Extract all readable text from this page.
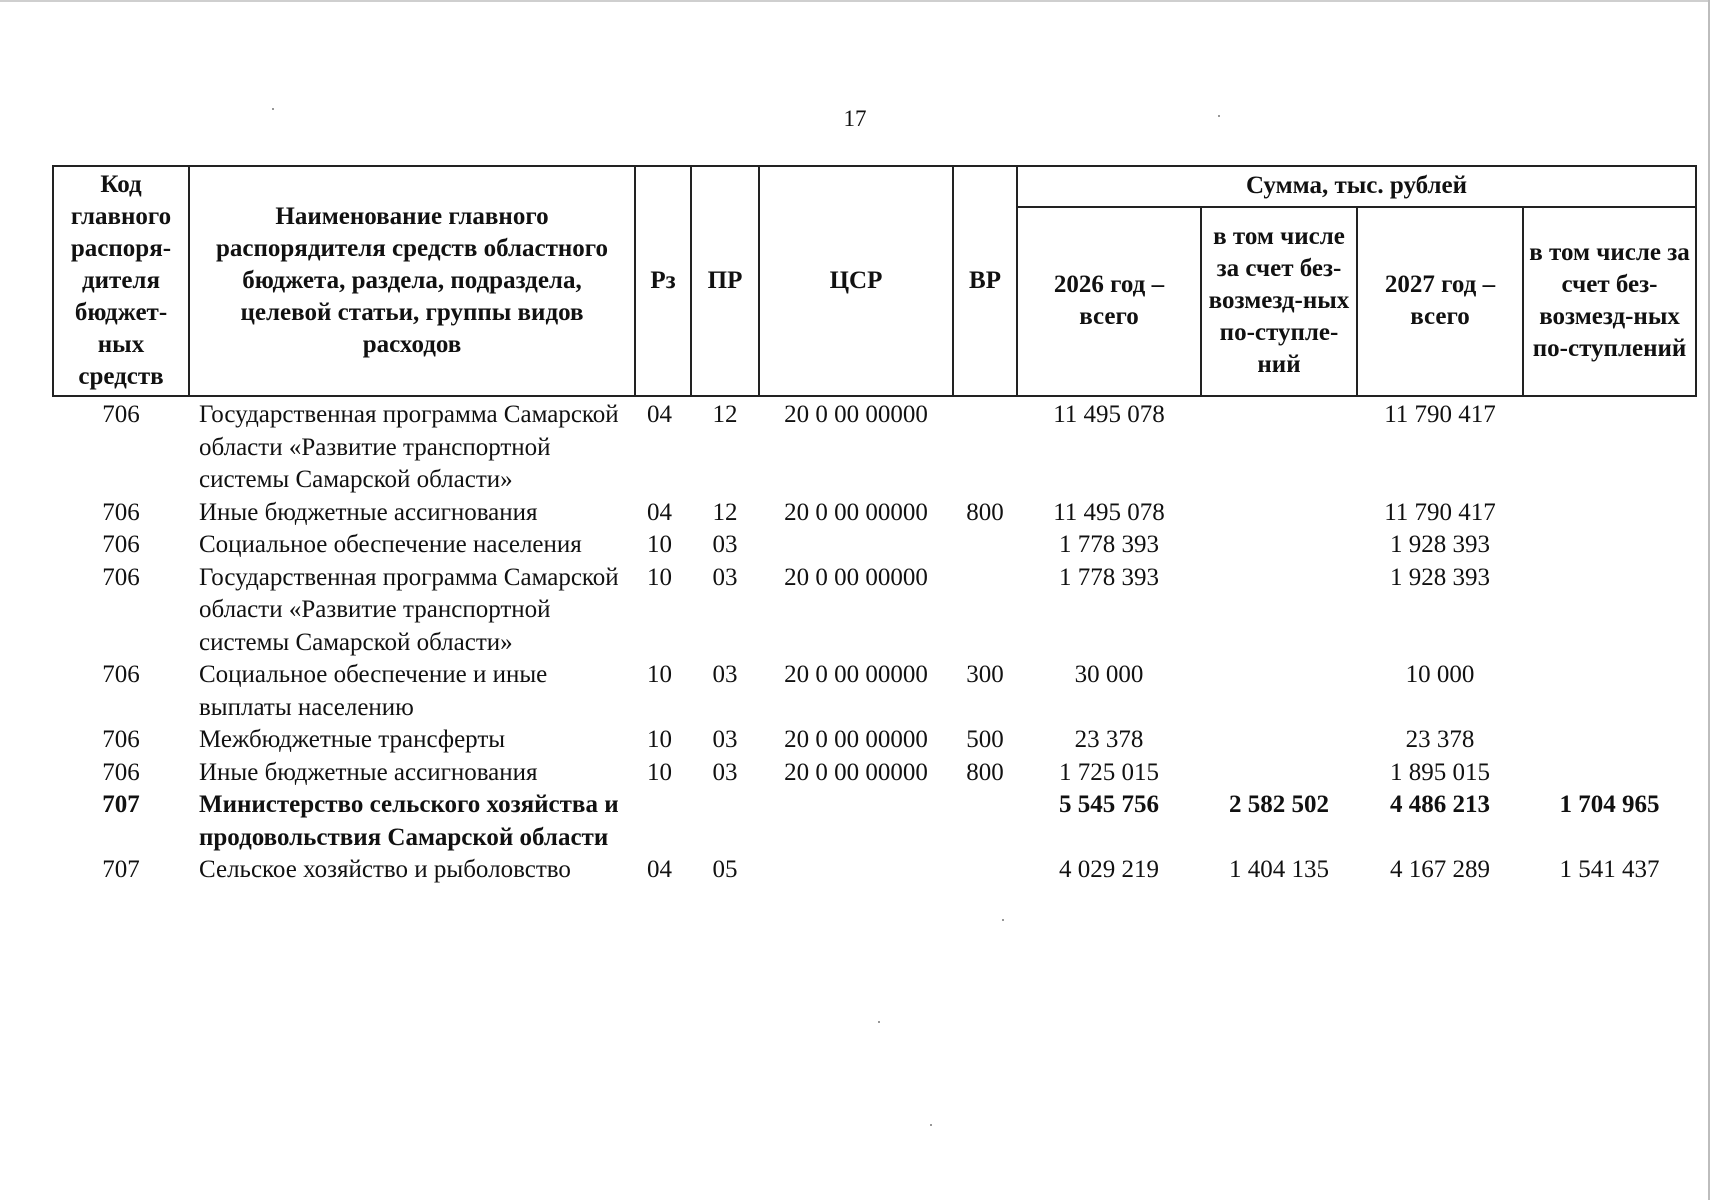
17
Код главного распоря-дителя бюджет-ных средств	Наименование главного распорядителя средств областного бюджета, раздела, подраздела, целевой статьи, группы видов расходов	Рз	ПР	ЦСР	ВР	Сумма, тыс. рублей			
						2026 год – всего	в том числе за счет без-возмезд-ных по-ступле-ний	2027 год – всего	в том числе за счет без-возмезд-ных по-ступлений
706	Государственная программа Самарской области «Развитие транспортной системы Самарской области»	04	12	20 0 00 00000		11 495 078		11 790 417	
706	Иные бюджетные ассигнования	04	12	20 0 00 00000	800	11 495 078		11 790 417	
706	Социальное обеспечение населения	10	03			1 778 393		1 928 393	
706	Государственная программа Самарской области «Развитие транспортной системы Самарской области»	10	03	20 0 00 00000		1 778 393		1 928 393	
706	Социальное обеспечение и иные выплаты населению	10	03	20 0 00 00000	300	30 000		10 000	
706	Межбюджетные трансферты	10	03	20 0 00 00000	500	23 378		23 378	
706	Иные бюджетные ассигнования	10	03	20 0 00 00000	800	1 725 015		1 895 015	
707	Министерство сельского хозяйства и продовольствия Самарской области					5 545 756	2 582 502	4 486 213	1 704 965
707	Сельское хозяйство и рыболовство	04	05			4 029 219	1 404 135	4 167 289	1 541 437
